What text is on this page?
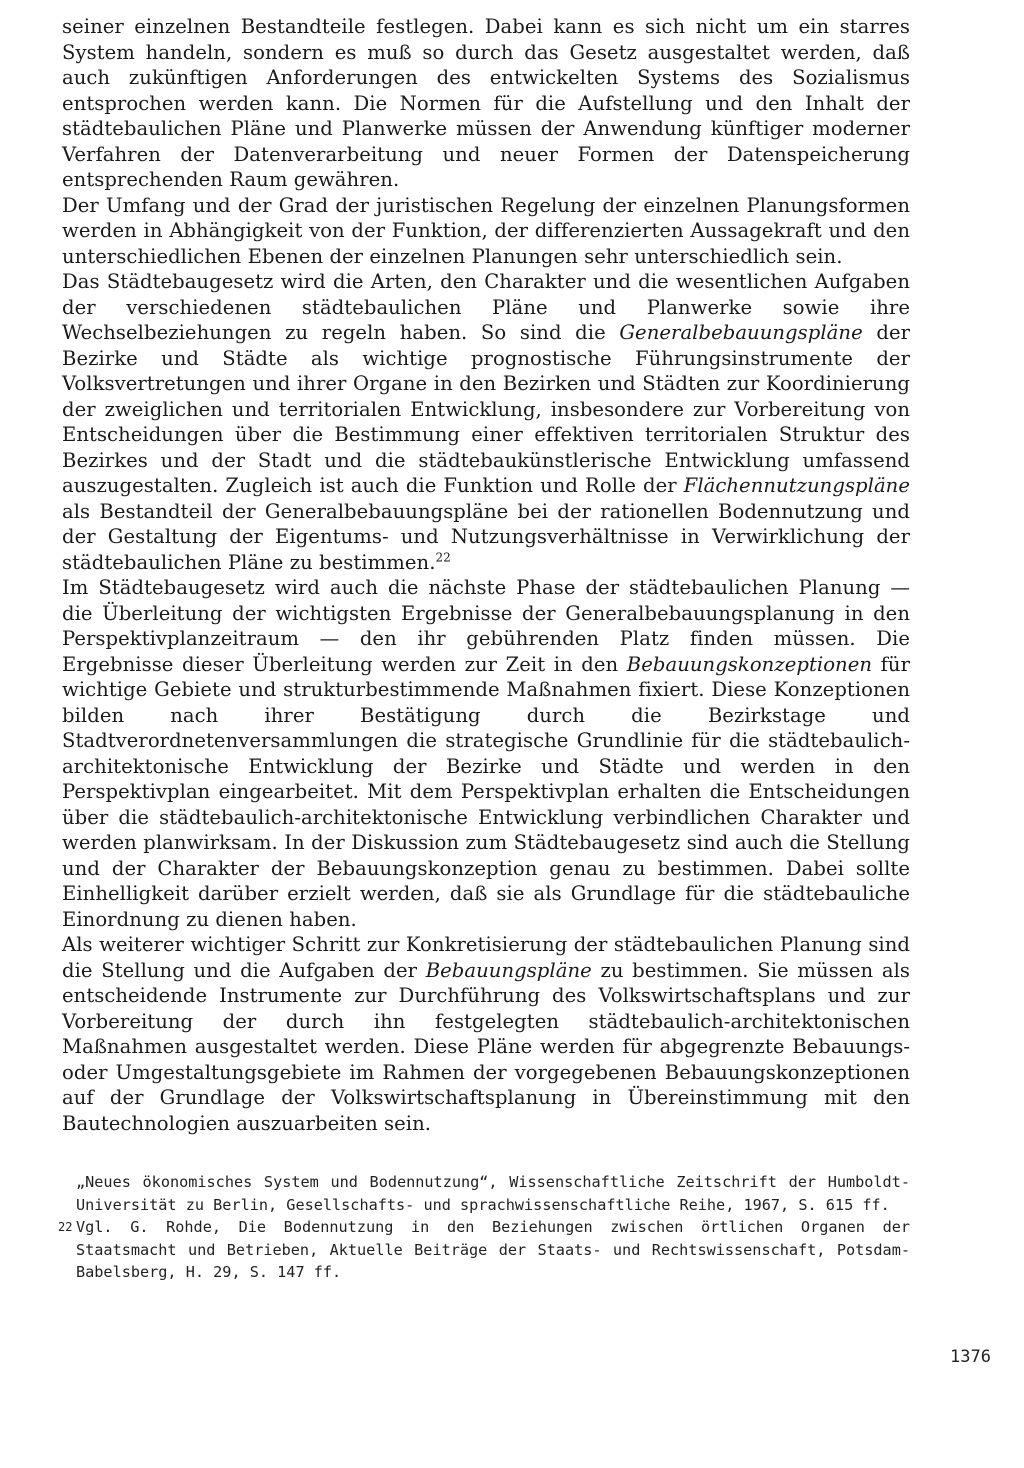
seiner einzelnen Bestandteile festlegen. Dabei kann es sich nicht um ein starres System handeln, sondern es muß so durch das Gesetz ausgestaltet werden, daß auch zukünftigen Anforderungen des entwickelten Systems des Sozialismus entsprochen werden kann. Die Normen für die Aufstellung und den Inhalt der städtebaulichen Pläne und Planwerke müssen der Anwendung künftiger moderner Verfahren der Datenverarbeitung und neuer Formen der Datenspeicherung entsprechenden Raum gewähren.

Der Umfang und der Grad der juristischen Regelung der einzelnen Planungsformen werden in Abhängigkeit von der Funktion, der differenzierten Aussagekraft und den unterschiedlichen Ebenen der einzelnen Planungen sehr unterschiedlich sein.

Das Städtebaugesetz wird die Arten, den Charakter und die wesentlichen Aufgaben der verschiedenen städtebaulichen Pläne und Planwerke sowie ihre Wechselbeziehungen zu regeln haben. So sind die Generalbebauungspläne der Bezirke und Städte als wichtige prognostische Führungsinstrumente der Volksvertretungen und ihrer Organe in den Bezirken und Städten zur Koordinierung der zweiglichen und territorialen Entwicklung, insbesondere zur Vorbereitung von Entscheidungen über die Bestimmung einer effektiven territorialen Struktur des Bezirkes und der Stadt und die städtebaukünstlerische Entwicklung umfassend auszugestalten. Zugleich ist auch die Funktion und Rolle der Flächennutzungspläne als Bestandteil der Generalbebauungspläne bei der rationellen Bodennutzung und der Gestaltung der Eigentums- und Nutzungsverhältnisse in Verwirklichung der städtebaulichen Pläne zu bestimmen.$^{22}$

Im Städtebaugesetz wird auch die nächste Phase der städtebaulichen Planung — die Überleitung der wichtigsten Ergebnisse der Generalbebauungsplanung in den Perspektivplanzeitraum — den ihr gebührenden Platz finden müssen. Die Ergebnisse dieser Überleitung werden zur Zeit in den Bebauungskonzeptionen für wichtige Gebiete und strukturbestimmende Maßnahmen fixiert. Diese Konzeptionen bilden nach ihrer Bestätigung durch die Bezirkstage und Stadtverordnetenversammlungen die strategische Grundlinie für die städtebaulich-architektonische Entwicklung der Bezirke und Städte und werden in den Perspektivplan eingearbeitet. Mit dem Perspektivplan erhalten die Entscheidungen über die städtebaulich-architektonische Entwicklung verbindlichen Charakter und werden planwirksam. In der Diskussion zum Städtebaugesetz sind auch die Stellung und der Charakter der Bebauungskonzeption genau zu bestimmen. Dabei sollte Einhelligkeit darüber erzielt werden, daß sie als Grundlage für die städtebauliche Einordnung zu dienen haben.

Als weiterer wichtiger Schritt zur Konkretisierung der städtebaulichen Planung sind die Stellung und die Aufgaben der Bebauungspläne zu bestimmen. Sie müssen als entscheidende Instrumente zur Durchführung des Volkswirtschaftsplans und zur Vorbereitung der durch ihn festgelegten städtebaulich-architektonischen Maßnahmen ausgestaltet werden. Diese Pläne werden für abgegrenzte Bebauungs- oder Umgestaltungsgebiete im Rahmen der vorgegebenen Bebauungskonzeptionen auf der Grundlage der Volkswirtschaftsplanung in Übereinstimmung mit den Bautechnologien auszuarbeiten sein.

„Neues ökonomisches System und Bodennutzung“, Wissenschaftliche Zeitschrift der Humboldt-Universität zu Berlin, Gesellschafts- und sprachwissenschaftliche Reihe, 1967, S. 615 ff.

22 Vgl. G. Rohde, Die Bodennutzung in den Beziehungen zwischen örtlichen Organen der Staatsmacht und Betrieben, Aktuelle Beiträge der Staats- und Rechtswissenschaft, Potsdam-Babelsberg, H. 29, S. 147 ff.

1376
